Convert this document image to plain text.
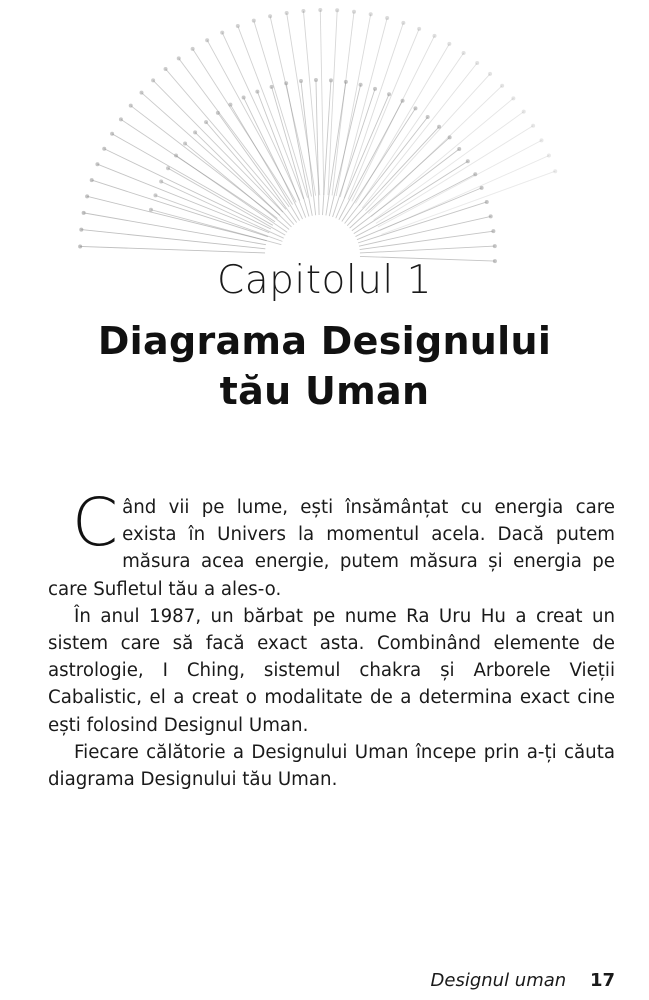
Capitolul 1
Diagrama Designului
tău Uman

Când vii pe lume, ești însămânțat cu energia care exista în Univers la momentul acela. Dacă putem măsura acea energie, putem măsura și energia pe care Sufletul tău a ales-o.

În anul 1987, un bărbat pe nume Ra Uru Hu a creat un sistem care să facă exact asta. Combinând elemente de astrologie, I Ching, sistemul chakra și Arborele Vieții Cabalistic, el a creat o modalitate de a determina exact cine ești folosind Designul Uman.

Fiecare călătorie a Designului Uman începe prin a-ți căuta diagrama Designului tău Uman.

Designul uman 17
